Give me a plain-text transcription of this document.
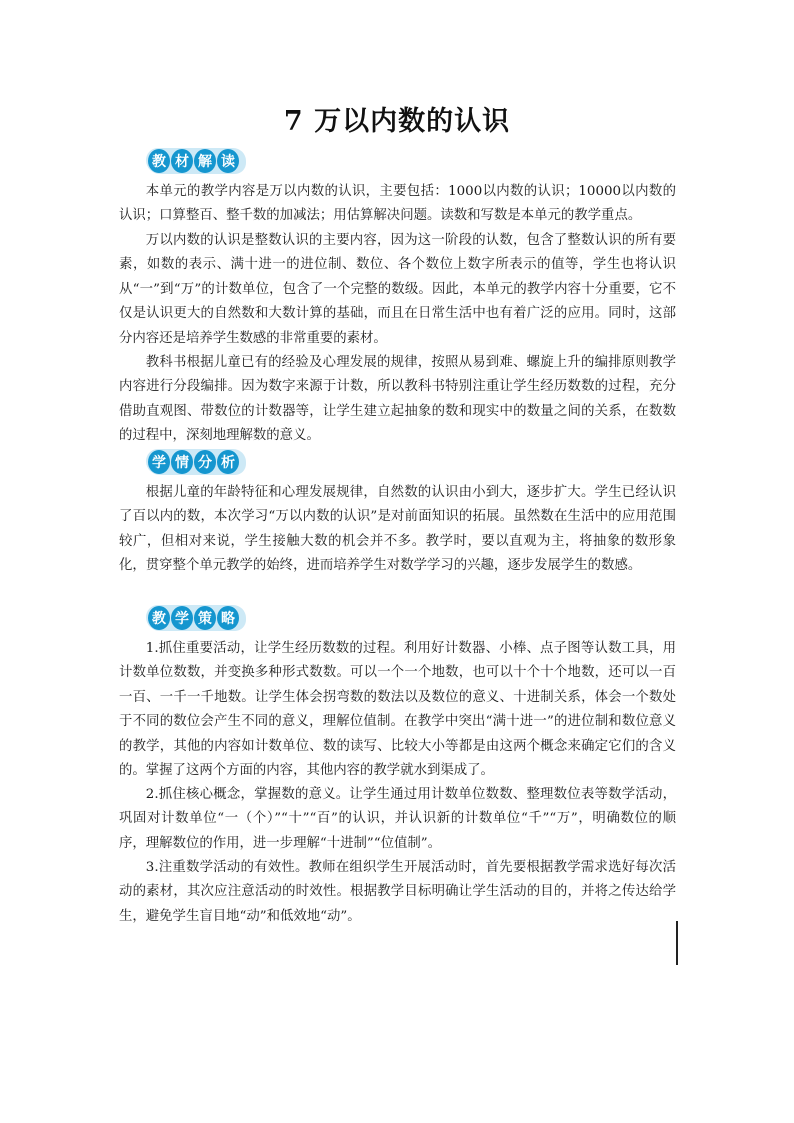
7 万以内数的认识
教 材 解 读

本单元的教学内容是万以内数的认识，主要包括：1000以内数的认识；10000以内数的认识；口算整百、整千数的加减法；用估算解决问题。读数和写数是本单元的教学重点。

万以内数的认识是整数认识的主要内容，因为这一阶段的认数，包含了整数认识的所有要素，如数的表示、满十进一的进位制、数位、各个数位上数字所表示的值等，学生也将认识从“一”到“万”的计数单位，包含了一个完整的数级。因此，本单元的教学内容十分重要，它不仅是认识更大的自然数和大数计算的基础，而且在日常生活中也有着广泛的应用。同时，这部分内容还是培养学生数感的非常重要的素材。

教科书根据儿童已有的经验及心理发展的规律，按照从易到难、螺旋上升的编排原则教学内容进行分段编排。因为数字来源于计数，所以教科书特别注重让学生经历数数的过程，充分借助直观图、带数位的计数器等，让学生建立起抽象的数和现实中的数量之间的关系，在数数的过程中，深刻地理解数的意义。

学 情 分 析

根据儿童的年龄特征和心理发展规律，自然数的认识由小到大，逐步扩大。学生已经认识了百以内的数，本次学习“万以内数的认识”是对前面知识的拓展。虽然数在生活中的应用范围较广，但相对来说，学生接触大数的机会并不多。教学时，要以直观为主，将抽象的数形象化，贯穿整个单元教学的始终，进而培养学生对数学学习的兴趣，逐步发展学生的数感。

教 学 策 略

1.抓住重要活动，让学生经历数数的过程。利用好计数器、小棒、点子图等认数工具，用计数单位数数，并变换多种形式数数。可以一个一个地数，也可以十个十个地数，还可以一百一百、一千一千地数。让学生体会拐弯数的数法以及数位的意义、十进制关系，体会一个数处于不同的数位会产生不同的意义，理解位值制。在教学中突出“满十进一”的进位制和数位意义的教学，其他的内容如计数单位、数的读写、比较大小等都是由这两个概念来确定它们的含义的。掌握了这两个方面的内容，其他内容的教学就水到渠成了。

2.抓住核心概念，掌握数的意义。让学生通过用计数单位数数、整理数位表等数学活动，巩固对计数单位“一（个）”“十”“百”的认识，并认识新的计数单位“千”“万”，明确数位的顺序，理解数位的作用，进一步理解“十进制”“位值制”。

3.注重数学活动的有效性。教师在组织学生开展活动时，首先要根据教学需求选好每次活动的素材，其次应注意活动的时效性。根据教学目标明确让学生活动的目的，并将之传达给学生，避免学生盲目地“动”和低效地“动”。
